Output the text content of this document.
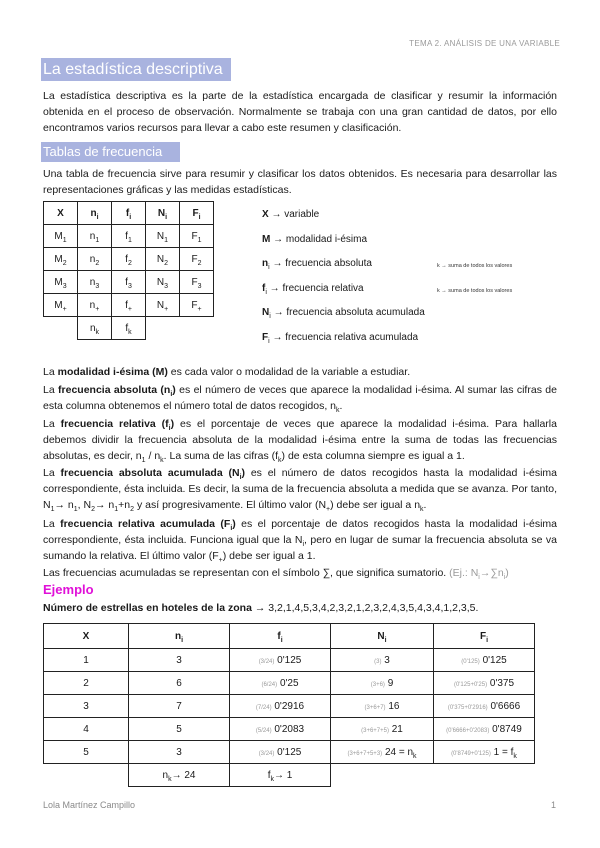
TEMA 2. ANÁLISIS DE UNA VARIABLE
La estadística descriptiva
La estadística descriptiva es la parte de la estadística encargada de clasificar y resumir la información obtenida en el proceso de observación. Normalmente se trabaja con una gran cantidad de datos, por ello encontramos varios recursos para llevar a cabo este resumen y clasificación.
Tablas de frecuencia
Una tabla de frecuencia sirve para resumir y clasificar los datos obtenidos. Es necesaria para desarrollar las representaciones gráficas y las medidas estadísticas.
X	$n_i$	$f_i$	$N_i$	$F_i$
$M_1$	$n_1$	$f_1$	$N_1$	$F_1$
$M_2$	$n_2$	$f_2$	$N_2$	$F_2$
$M_3$	$n_3$	$f_3$	$N_3$	$F_3$
$M_+$	$n_+$	$f_+$	$N_+$	$F_+$
	$n_k$	$f_k$		
X → variable
M → modalidad i-ésima
$n_i$ → frecuencia absoluta
$f_i$ → frecuencia relativa
$N_i$ → frecuencia absoluta acumulada
$F_i$ → frecuencia relativa acumulada
k → suma de todos los valores
k → suma de todos los valores
La modalidad i-ésima (M) es cada valor o modalidad de la variable a estudiar.
La frecuencia absoluta $(n_i)$ es el número de veces que aparece la modalidad i-ésima. Al sumar las cifras de esta columna obtenemos el número total de datos recogidos, $n_k$.
La frecuencia relativa $(f_i)$ es el porcentaje de veces que aparece la modalidad i-ésima. Para hallarla debemos dividir la frecuencia absoluta de la modalidad i-ésima entre la suma de todas las frecuencias absolutas, es decir, $n_1 / n_k$. La suma de las cifras $(f_k)$ de esta columna siempre es igual a 1.
La frecuencia absoluta acumulada $(N_i)$ es el número de datos recogidos hasta la modalidad i-ésima correspondiente, ésta incluida. Es decir, la suma de la frecuencia absoluta a medida que se avanza. Por tanto, $N_1\to n_1$, $N_2\to n_1+n_2$ y así progresivamente. El último valor $(N_+)$ debe ser igual a $n_k$.
La frecuencia relativa acumulada $(F_i)$ es el porcentaje de datos recogidos hasta la modalidad i-ésima correspondiente, ésta incluida. Funciona igual que la $N_i$, pero en lugar de sumar la frecuencia absoluta se va sumando la relativa. El último valor $(F_+)$ debe ser igual a 1.
Las frecuencias acumuladas se representan con el símbolo ∑, que significa sumatorio. (Ej.: $N_i\to\sum n_i$)
Ejemplo
Número de estrellas en hoteles de la zona → 3,2,1,4,5,3,4,2,3,2,1,2,3,2,4,3,5,4,3,4,1,2,3,5.
X	$n_i$	$f_i$	$N_i$	$F_i$
1	3	(3/24) 0'125	(3) 3	(0'125) 0'125
2	6	(6/24) 0'25	(3+6) 9	(0'125+0'25) 0'375
3	7	(7/24) 0'2916	(3+6+7) 16	(0'375+0'2916) 0'6666
4	5	(5/24) 0'2083	(3+6+7+5) 21	(0'6666+0'2083) 0'8749
5	3	(3/24) 0'125	(3+6+7+5+3) $24 = n_k$	(0'8749+0'125) $1 = f_k$
	$n_k\to 24$	$f_k\to 1$		
Lola Martínez Campillo	1
